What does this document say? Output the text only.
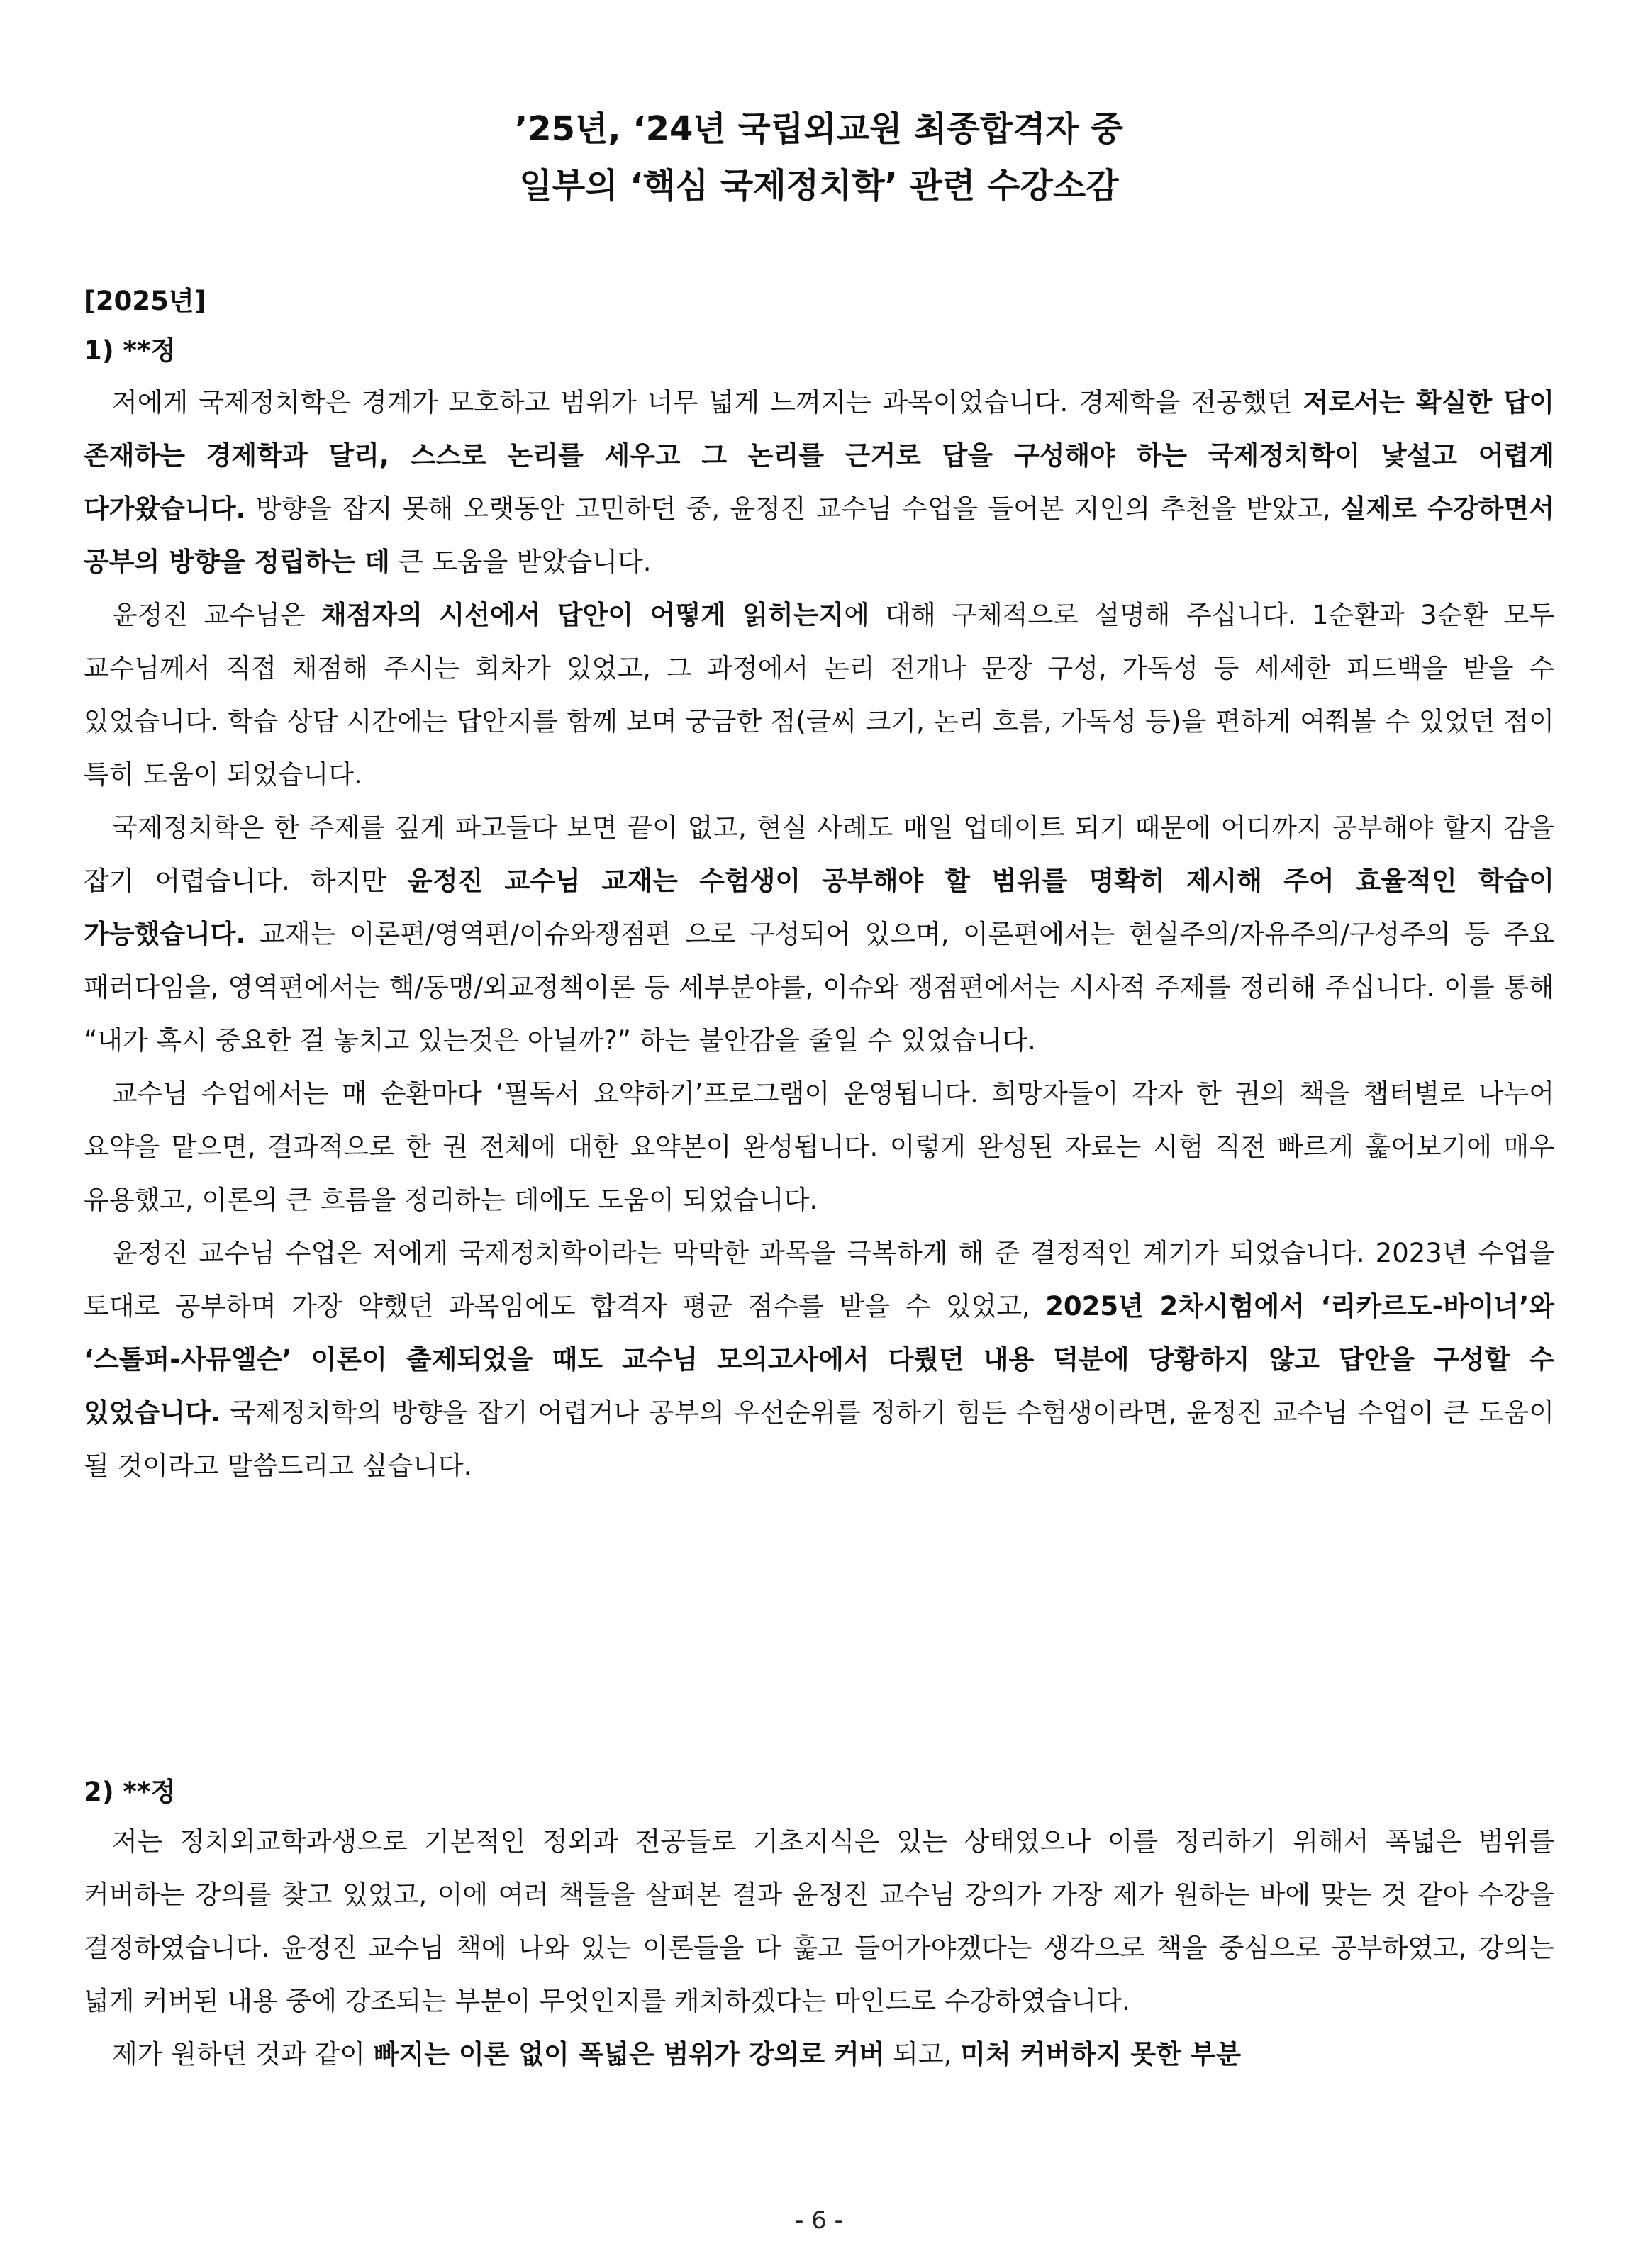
’25년, ‘24년 국립외교원 최종합격자 중
일부의 ‘핵심 국제정치학’ 관련 수강소감
[2025년]
1) **정

저에게 국제정치학은 경계가 모호하고 범위가 너무 넓게 느껴지는 과목이었습니다. 경제학을 전공했던 저로서는 확실한 답이 존재하는 경제학과 달리, 스스로 논리를 세우고 그 논리를 근거로 답을 구성해야 하는 국제정치학이 낯설고 어렵게 다가왔습니다. 방향을 잡지 못해 오랫동안 고민하던 중, 윤정진 교수님 수업을 들어본 지인의 추천을 받았고, 실제로 수강하면서 공부의 방향을 정립하는 데 큰 도움을 받았습니다.

윤정진 교수님은 채점자의 시선에서 답안이 어떻게 읽히는지에 대해 구체적으로 설명해 주십니다. 1순환과 3순환 모두 교수님께서 직접 채점해 주시는 회차가 있었고, 그 과정에서 논리 전개나 문장 구성, 가독성 등 세세한 피드백을 받을 수 있었습니다. 학습 상담 시간에는 답안지를 함께 보며 궁금한 점(글씨 크기, 논리 흐름, 가독성 등)을 편하게 여쭤볼 수 있었던 점이 특히 도움이 되었습니다.

국제정치학은 한 주제를 깊게 파고들다 보면 끝이 없고, 현실 사례도 매일 업데이트 되기 때문에 어디까지 공부해야 할지 감을 잡기 어렵습니다. 하지만 윤정진 교수님 교재는 수험생이 공부해야 할 범위를 명확히 제시해 주어 효율적인 학습이 가능했습니다. 교재는 이론편/영역편/이슈와쟁점편 으로 구성되어 있으며, 이론편에서는 현실주의/자유주의/구성주의 등 주요 패러다임을, 영역편에서는 핵/동맹/외교정책이론 등 세부분야를, 이슈와 쟁점편에서는 시사적 주제를 정리해 주십니다. 이를 통해 “내가 혹시 중요한 걸 놓치고 있는것은 아닐까?” 하는 불안감을 줄일 수 있었습니다.

교수님 수업에서는 매 순환마다 ‘필독서 요약하기’프로그램이 운영됩니다. 희망자들이 각자 한 권의 책을 챕터별로 나누어 요약을 맡으면, 결과적으로 한 권 전체에 대한 요약본이 완성됩니다. 이렇게 완성된 자료는 시험 직전 빠르게 훑어보기에 매우 유용했고, 이론의 큰 흐름을 정리하는 데에도 도움이 되었습니다.

윤정진 교수님 수업은 저에게 국제정치학이라는 막막한 과목을 극복하게 해 준 결정적인 계기가 되었습니다. 2023년 수업을 토대로 공부하며 가장 약했던 과목임에도 합격자 평균 점수를 받을 수 있었고, 2025년 2차시험에서 ‘리카르도-바이너’와 ‘스톨퍼-사뮤엘슨’ 이론이 출제되었을 때도 교수님 모의고사에서 다뤘던 내용 덕분에 당황하지 않고 답안을 구성할 수 있었습니다. 국제정치학의 방향을 잡기 어렵거나 공부의 우선순위를 정하기 힘든 수험생이라면, 윤정진 교수님 수업이 큰 도움이 될 것이라고 말씀드리고 싶습니다.

2) **정

저는 정치외교학과생으로 기본적인 정외과 전공들로 기초지식은 있는 상태였으나 이를 정리하기 위해서 폭넓은 범위를 커버하는 강의를 찾고 있었고, 이에 여러 책들을 살펴본 결과 윤정진 교수님 강의가 가장 제가 원하는 바에 맞는 것 같아 수강을 결정하였습니다. 윤정진 교수님 책에 나와 있는 이론들을 다 훑고 들어가야겠다는 생각으로 책을 중심으로 공부하였고, 강의는 넓게 커버된 내용 중에 강조되는 부분이 무엇인지를 캐치하겠다는 마인드로 수강하였습니다.

제가 원하던 것과 같이 빠지는 이론 없이 폭넓은 범위가 강의로 커버 되고, 미처 커버하지 못한 부분

- 6 -
